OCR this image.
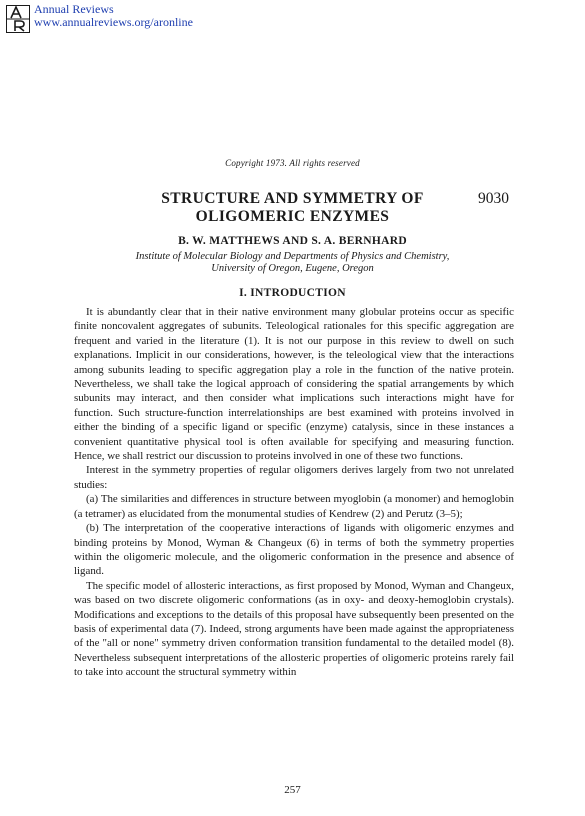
Annual Reviews
www.annualreviews.org/aronline
Copyright 1973. All rights reserved
STRUCTURE AND SYMMETRY OF
OLIGOMERIC ENZYMES
9030
B. W. MATTHEWS AND S. A. BERNHARD
Institute of Molecular Biology and Departments of Physics and Chemistry,
University of Oregon, Eugene, Oregon
I. INTRODUCTION

It is abundantly clear that in their native environment many globular proteins occur as specific finite noncovalent aggregates of subunits. Teleological rationales for this specific aggregation are frequent and varied in the literature (1). It is not our purpose in this review to dwell on such explanations. Implicit in our considerations, however, is the teleological view that the interactions among subunits leading to specific aggregation play a role in the function of the native protein. Nevertheless, we shall take the logical approach of considering the spatial arrangements by which subunits may interact, and then consider what implications such interactions might have for function. Such structure-function interrelationships are best examined with proteins involved in either the binding of a specific ligand or specific (enzyme) catalysis, since in these instances a convenient quantitative physical tool is often available for specifying and measuring function. Hence, we shall restrict our discussion to proteins involved in one of these two functions.

Interest in the symmetry properties of regular oligomers derives largely from two not unrelated studies:

(a) The similarities and differences in structure between myoglobin (a monomer) and hemoglobin (a tetramer) as elucidated from the monumental studies of Kendrew (2) and Perutz (3–5);

(b) The interpretation of the cooperative interactions of ligands with oligomeric enzymes and binding proteins by Monod, Wyman & Changeux (6) in terms of both the symmetry properties within the oligomeric molecule, and the oligomeric conformation in the presence and absence of ligand.

The specific model of allosteric interactions, as first proposed by Monod, Wyman and Changeux, was based on two discrete oligomeric conformations (as in oxy- and deoxy-hemoglobin crystals). Modifications and exceptions to the details of this proposal have subsequently been presented on the basis of experimental data (7). Indeed, strong arguments have been made against the appropriateness of the "all or none" symmetry driven conformation transition fundamental to the detailed model (8). Nevertheless subsequent interpretations of the allosteric properties of oligomeric proteins rarely fail to take into account the structural symmetry within

257
